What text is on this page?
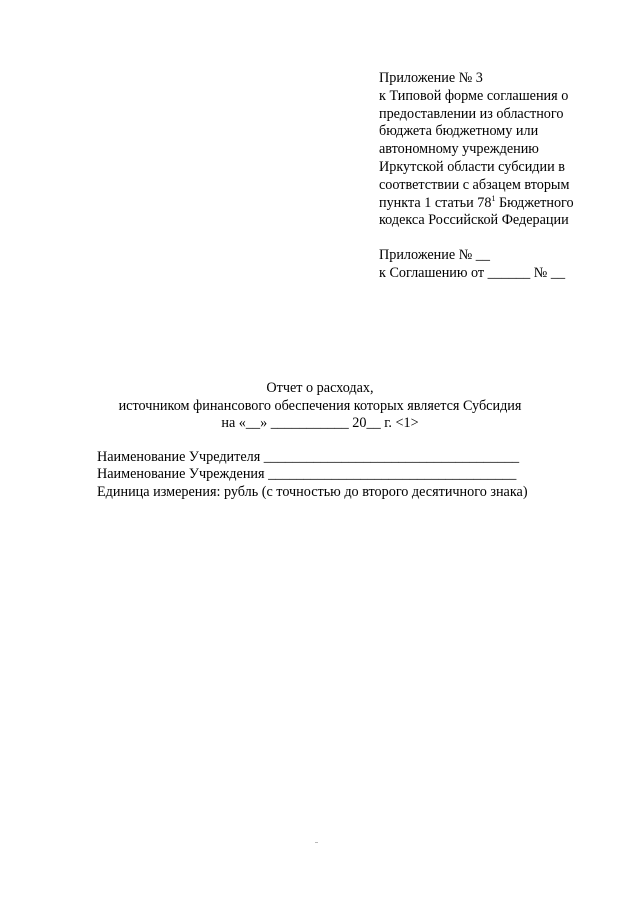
Приложение № 3
к Типовой форме соглашения о
предоставлении из областного
бюджета бюджетному или
автономному учреждению
Иркутской области субсидии в
соответствии с абзацем вторым
пункта 1 статьи $78^1$ Бюджетного
кодекса Российской Федерации
Приложение № __
к Соглашению от ______ № __
Отчет о расходах,
источником финансового обеспечения которых является Субсидия
на «__» ___________ 20__ г. <1>
Наименование Учредителя ____________________________________
Наименование Учреждения ___________________________________
Единица измерения: рубль (с точностью до второго десятичного знака)
